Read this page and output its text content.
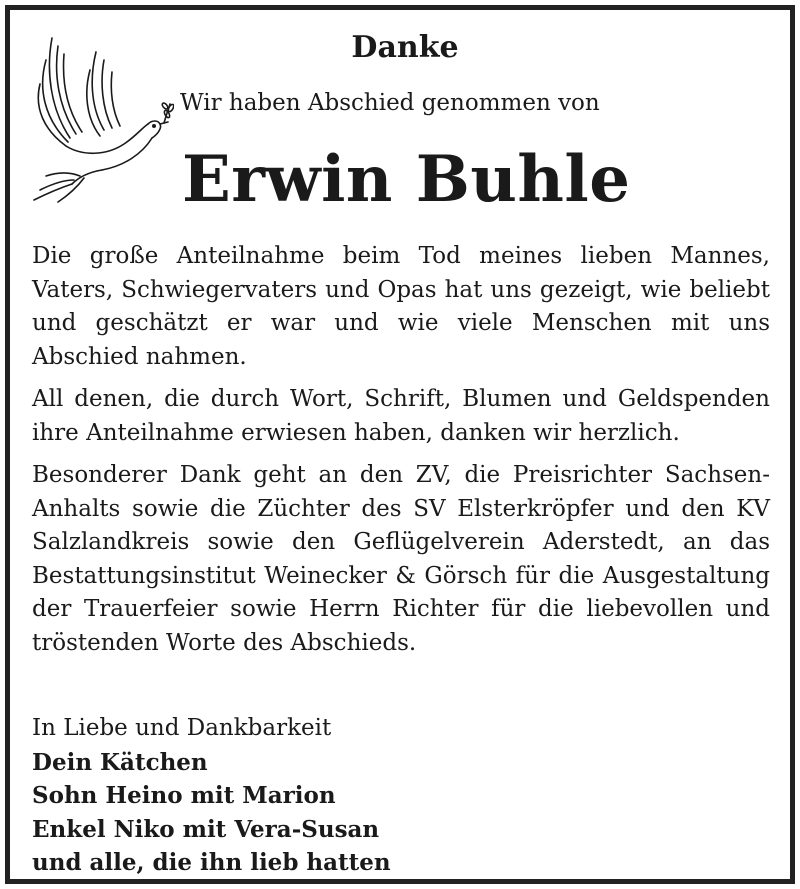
Danke
Wir haben Abschied genommen von
Erwin Buhle

Die große Anteilnahme beim Tod meines lieben Mannes, Vaters, Schwiegervaters und Opas hat uns gezeigt, wie beliebt und geschätzt er war und wie viele Menschen mit uns Abschied nahmen.

All denen, die durch Wort, Schrift, Blumen und Geldspenden ihre Anteilnahme erwiesen haben, danken wir herzlich.

Besonderer Dank geht an den ZV, die Preisrichter Sachsen-Anhalts sowie die Züchter des SV Elsterkröpfer und den KV Salzlandkreis sowie den Geflügelverein Aderstedt, an das Bestattungsinstitut Weinecker & Görsch für die Ausgestaltung der Trauerfeier sowie Herrn Richter für die liebevollen und tröstenden Worte des Abschieds.

In Liebe und Dankbarkeit
Dein Kätchen
Sohn Heino mit Marion
Enkel Niko mit Vera-Susan
und alle, die ihn lieb hatten
